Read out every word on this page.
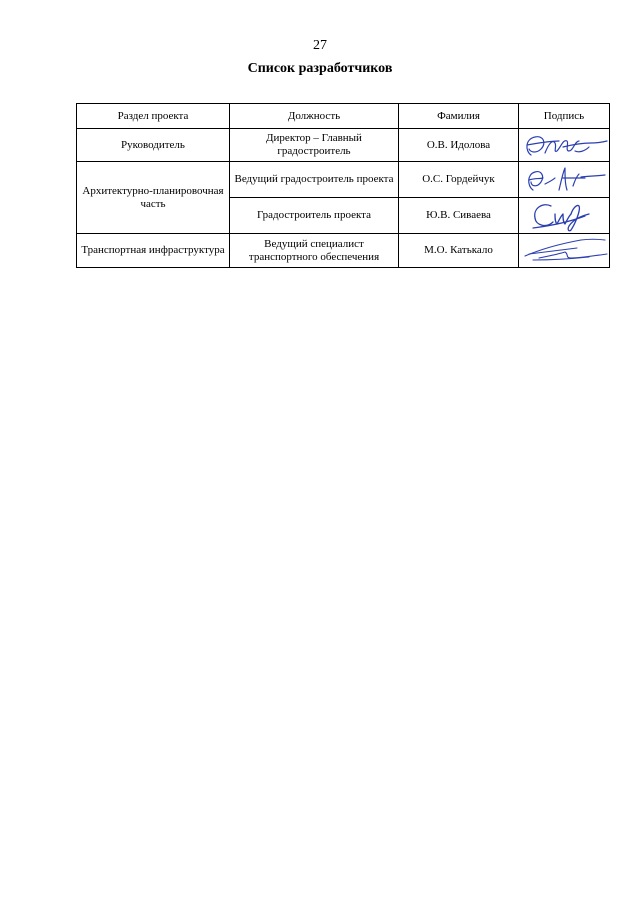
27
Список разработчиков
Раздел проекта	Должность	Фамилия	Подпись
Руководитель	Директор – Главный градостроитель	О.В. Идолова	

Архитектурно-планировочная часть	Ведущий градостроитель проекта	О.С. Гордейчук	

	Градостроитель проекта	Ю.В. Сиваева	

Транспортная инфраструктура	Ведущий специалист транспортного обеспечения	М.О. Катькало	
